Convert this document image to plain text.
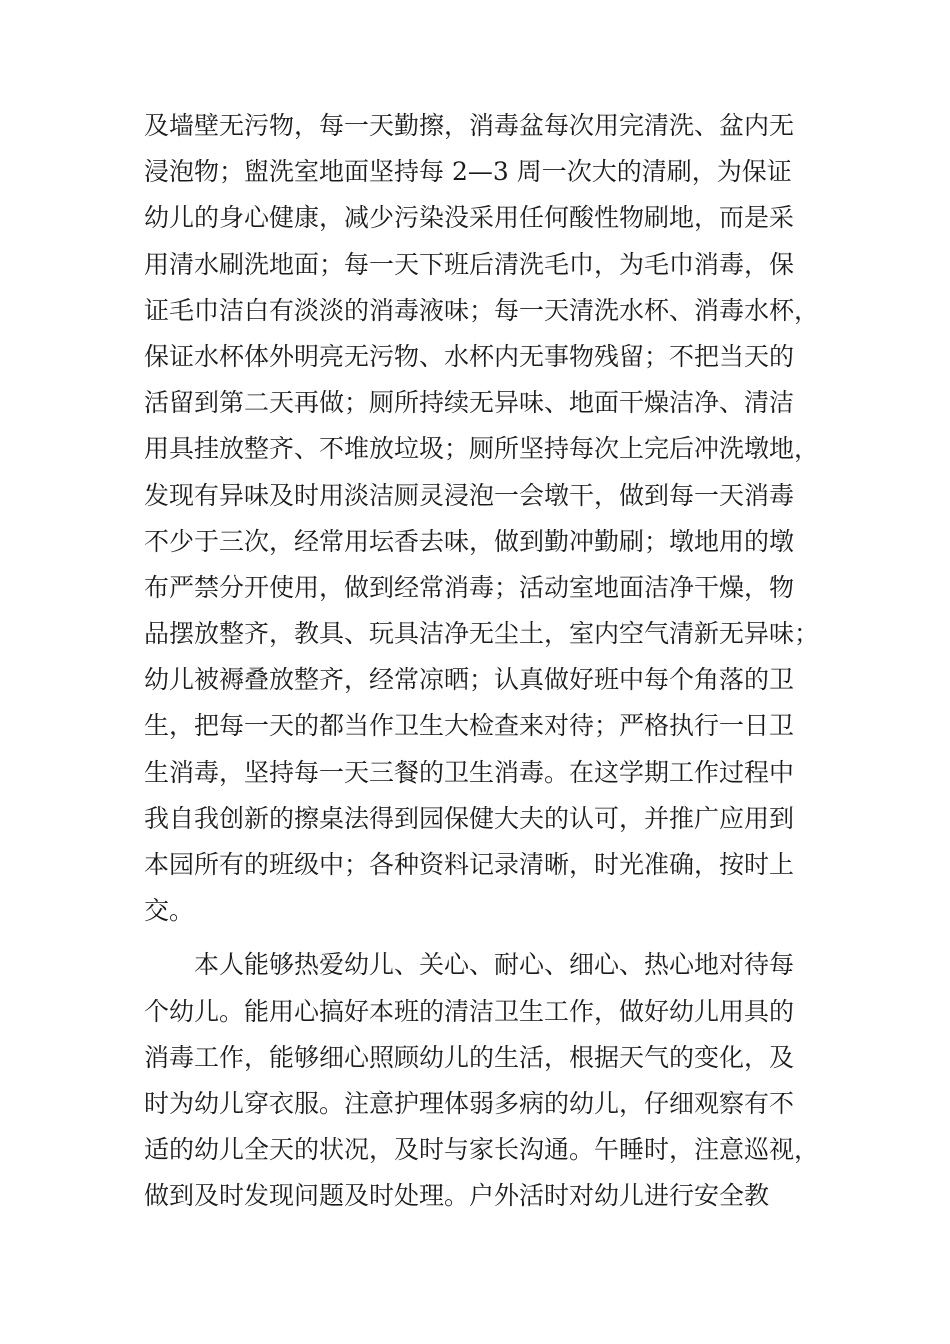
及墙壁无污物，每一天勤擦，消毒盆每次用完清洗、盆内无
浸泡物；盥洗室地面坚持每 2—3 周一次大的清刷，为保证
幼儿的身心健康，减少污染没采用任何酸性物刷地，而是采
用清水刷洗地面；每一天下班后清洗毛巾，为毛巾消毒，保
证毛巾洁白有淡淡的消毒液味；每一天清洗水杯、消毒水杯，
保证水杯体外明亮无污物、水杯内无事物残留；不把当天的
活留到第二天再做；厕所持续无异味、地面干燥洁净、清洁
用具挂放整齐、不堆放垃圾；厕所坚持每次上完后冲洗墩地，
发现有异味及时用淡洁厕灵浸泡一会墩干，做到每一天消毒
不少于三次，经常用坛香去味，做到勤冲勤刷；墩地用的墩
布严禁分开使用，做到经常消毒；活动室地面洁净干燥，物
品摆放整齐，教具、玩具洁净无尘土，室内空气清新无异味；
幼儿被褥叠放整齐，经常凉晒；认真做好班中每个角落的卫
生，把每一天的都当作卫生大检查来对待；严格执行一日卫
生消毒，坚持每一天三餐的卫生消毒。在这学期工作过程中
我自我创新的擦桌法得到园保健大夫的认可，并推广应用到
本园所有的班级中；各种资料记录清晰，时光准确，按时上
交。
本人能够热爱幼儿、关心、耐心、细心、热心地对待每
个幼儿。能用心搞好本班的清洁卫生工作，做好幼儿用具的
消毒工作，能够细心照顾幼儿的生活，根据天气的变化，及
时为幼儿穿衣服。注意护理体弱多病的幼儿，仔细观察有不
适的幼儿全天的状况，及时与家长沟通。午睡时，注意巡视，
做到及时发现问题及时处理。户外活时对幼儿进行安全教
